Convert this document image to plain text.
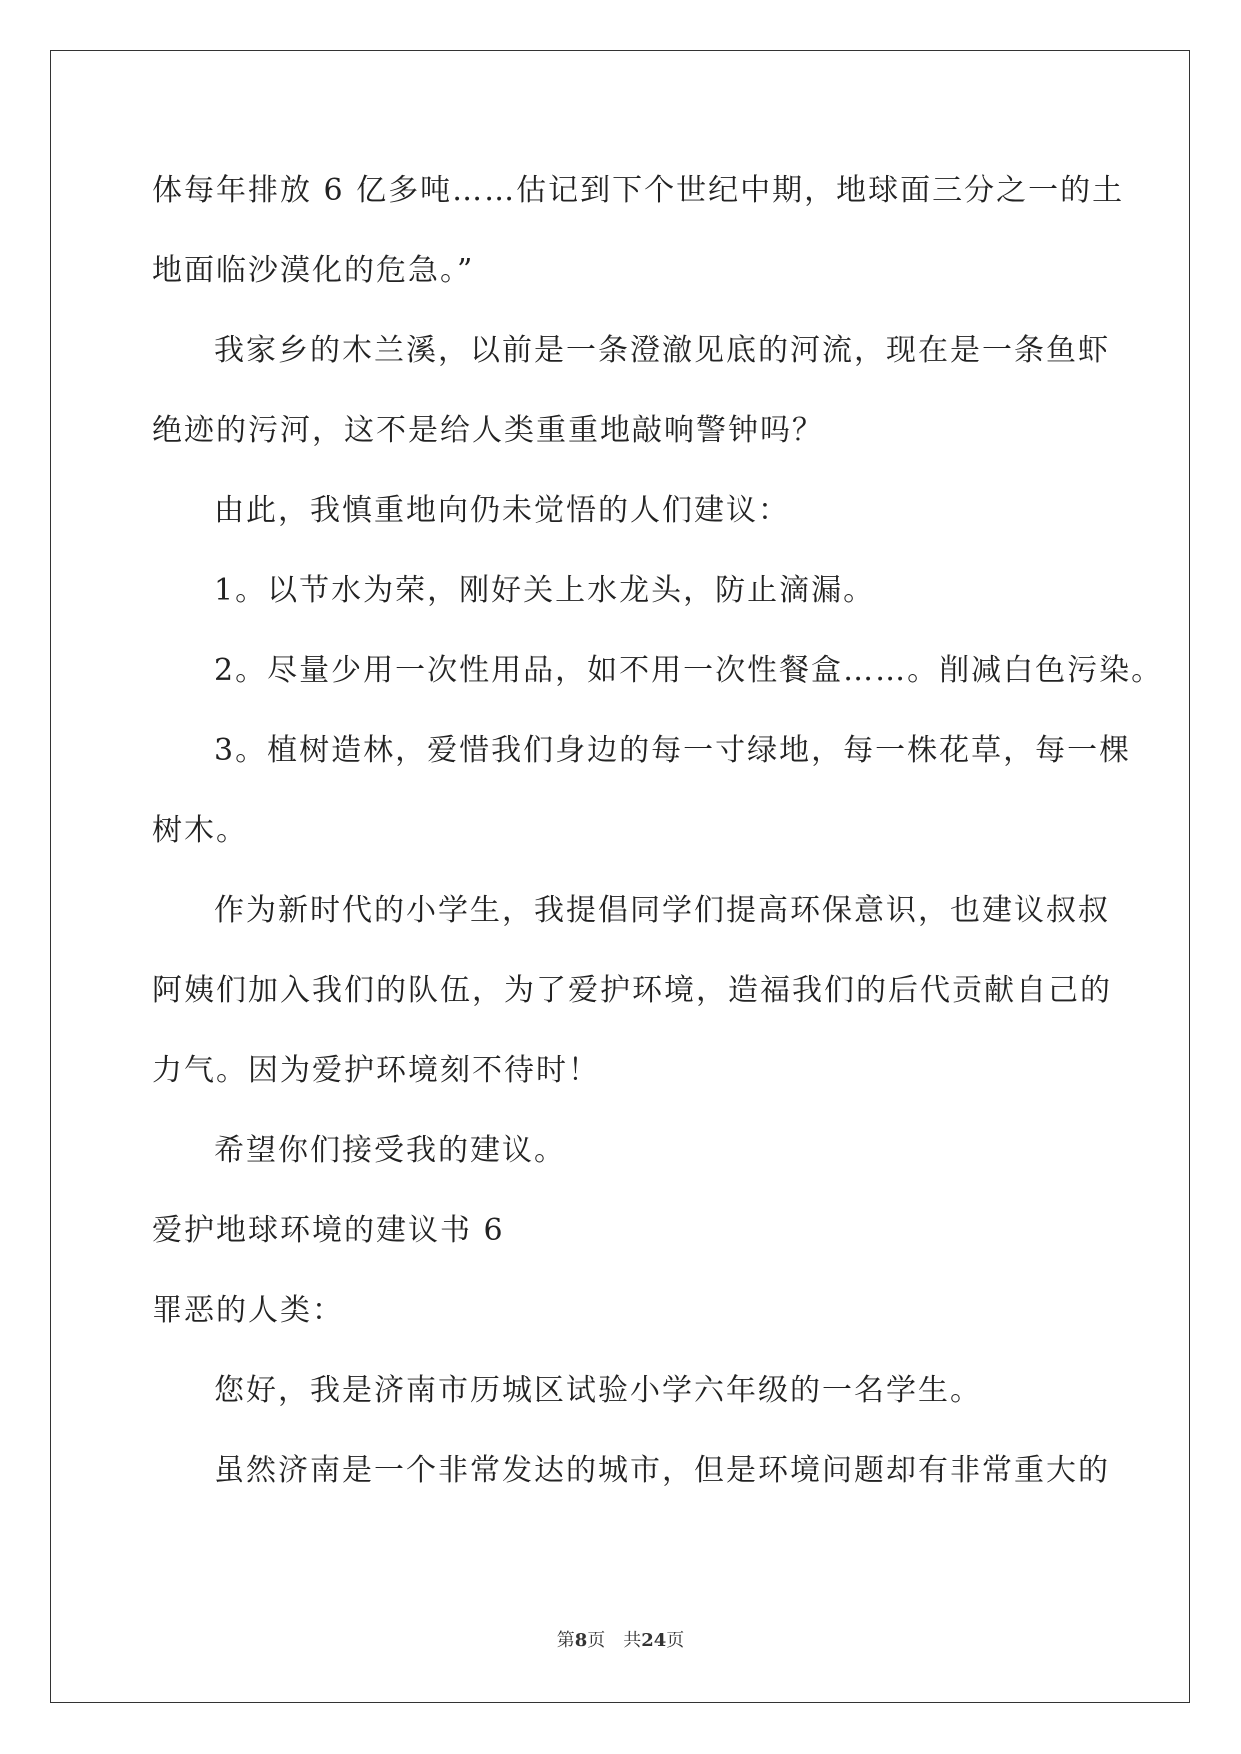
体每年排放 6 亿多吨……估记到下个世纪中期，地球面三分之一的土
地面临沙漠化的危急。”
我家乡的木兰溪，以前是一条澄澈见底的河流，现在是一条鱼虾
绝迹的污河，这不是给人类重重地敲响警钟吗？
由此，我慎重地向仍未觉悟的人们建议：
1。以节水为荣，刚好关上水龙头，防止滴漏。
2。尽量少用一次性用品，如不用一次性餐盒……。削减白色污染。
3。植树造林，爱惜我们身边的每一寸绿地，每一株花草，每一棵
树木。
作为新时代的小学生，我提倡同学们提高环保意识，也建议叔叔
阿姨们加入我们的队伍，为了爱护环境，造福我们的后代贡献自己的
力气。因为爱护环境刻不待时！
希望你们接受我的建议。
爱护地球环境的建议书 6
罪恶的人类：
您好，我是济南市历城区试验小学六年级的一名学生。
虽然济南是一个非常发达的城市，但是环境问题却有非常重大的
第8页 共24页
